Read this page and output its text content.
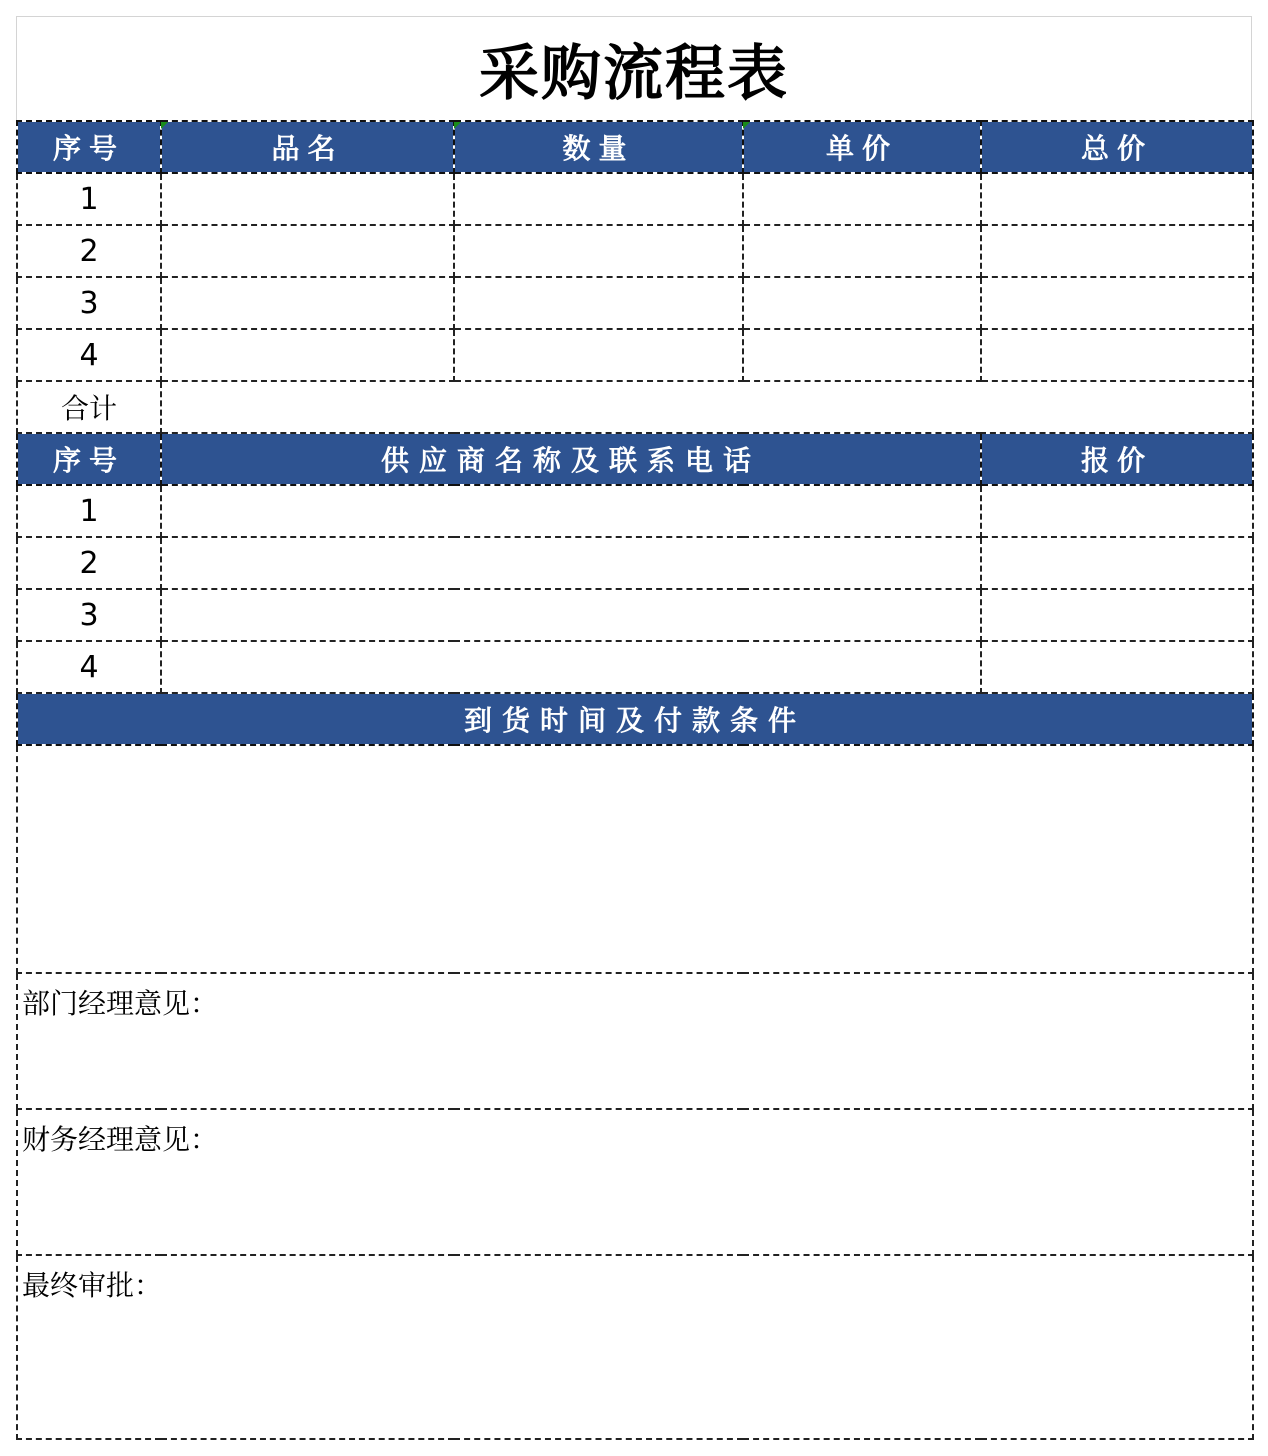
采购流程表
序号	品名	数量	单价	总价
1				
2				
3				
4				
合计				
序号	供应商名称及联系电话			报价
1				
2				
3				
4				
到货时间及付款条件				

部门经理意见：				
财务经理意见：				
最终审批：				
